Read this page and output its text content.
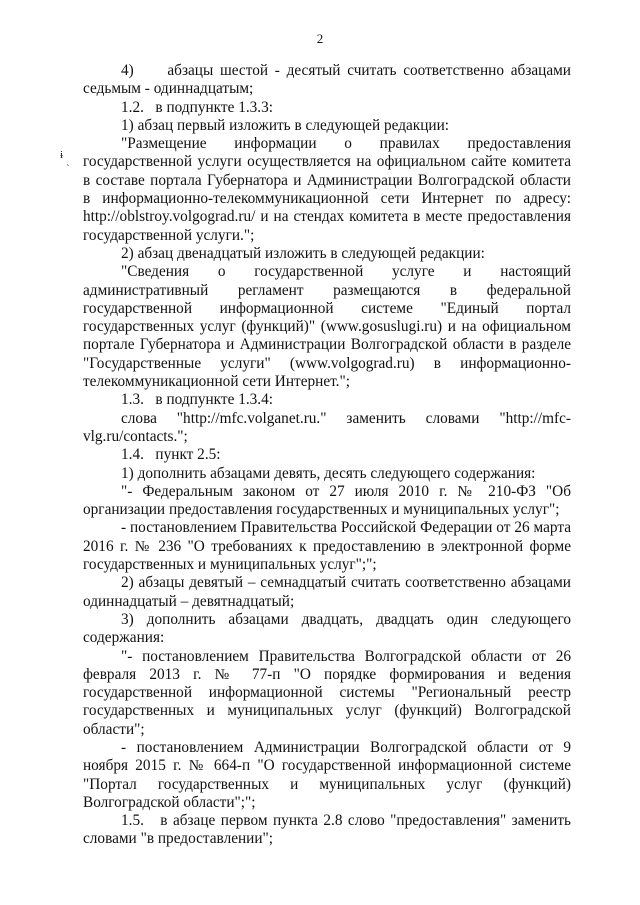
2
ɨ
ˋ

4)     абзацы шестой - десятый считать соответственно абзацами седьмым - одиннадцатым;

1.2.   в подпункте 1.3.3:

1) абзац первый изложить в следующей редакции:

"Размещение информации о правилах предоставления государственной услуги осуществляется на официальном сайте комитета в составе портала Губернатора и Администрации Волгоградской области в информационно-телекоммуникационной сети Интернет по адресу: http://oblstroy.volgograd.ru/ и на стендах комитета в месте предоставления государственной услуги.";

2) абзац двенадцатый изложить в следующей редакции:

"Сведения о государственной услуге и настоящий административный регламент размещаются в федеральной государственной информационной системе "Единый портал государственных услуг (функций)" (www.gosuslugi.ru) и на официальном портале Губернатора и Администрации Волгоградской области в разделе "Государственные услуги" (www.volgograd.ru) в информационно-телекоммуникационной сети Интернет.";

1.3.   в подпункте 1.3.4:

слова "http://mfc.volganet.ru." заменить словами "http://mfc-vlg.ru/contacts.";

1.4.   пункт 2.5:

1) дополнить абзацами девять, десять следующего содержания:

"- Федеральным законом от 27 июля 2010 г. № 210-ФЗ "Об организации предоставления государственных и муниципальных услуг";

- постановлением Правительства Российской Федерации от 26 марта 2016 г. № 236 "О требованиях к предоставлению в электронной форме государственных и муниципальных услуг";";

2) абзацы девятый – семнадцатый считать соответственно абзацами одиннадцатый – девятнадцатый;

3) дополнить абзацами двадцать, двадцать один следующего содержания:

"- постановлением Правительства Волгоградской области от 26 февраля 2013 г. № 77-п "О порядке формирования и ведения государственной информационной системы "Региональный реестр государственных и муниципальных услуг (функций) Волгоградской области";

- постановлением Администрации Волгоградской области от 9 ноября 2015 г. № 664-п "О государственной информационной системе "Портал государственных и муниципальных услуг (функций) Волгоградской области";";

1.5.   в абзаце первом пункта 2.8 слово "предоставления" заменить словами "в предоставлении";
